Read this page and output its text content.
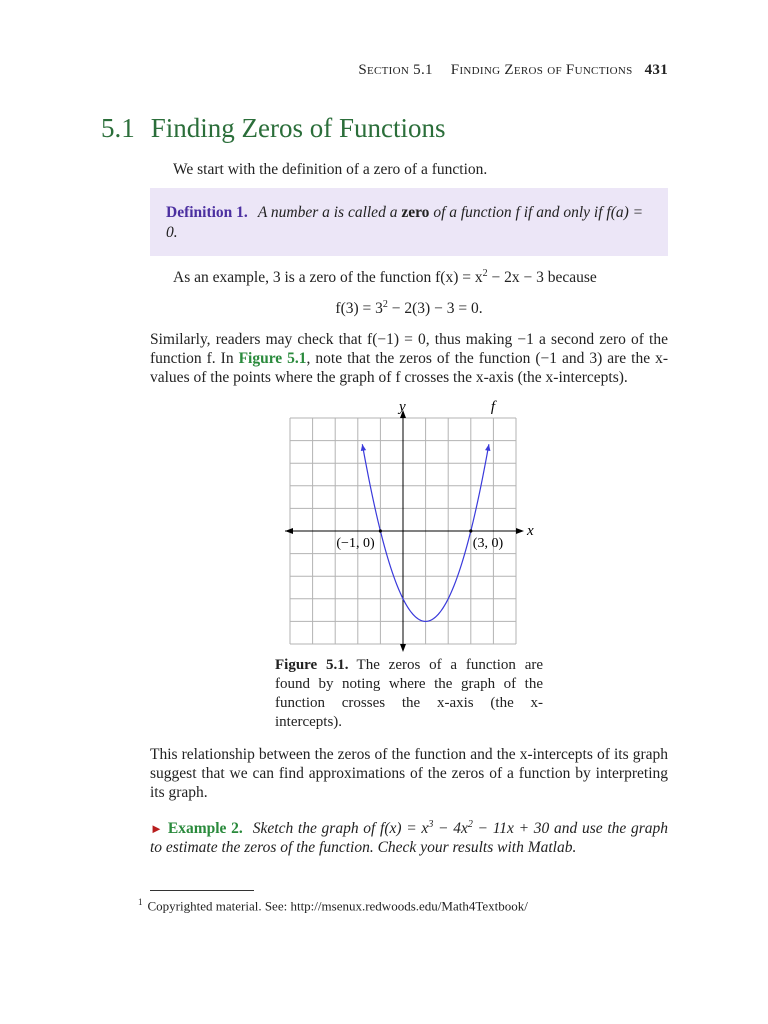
Section 5.1 Finding Zeros of Functions 431
5.1 Finding Zeros of Functions
We start with the definition of a zero of a function.
Definition 1. A number a is called a zero of a function f if and only if f(a) = 0.
As an example, 3 is a zero of the function $f(x) = x^2 - 2x - 3$ because
$f(3) = 3^2 - 2(3) - 3 = 0$.
Similarly, readers may check that f(−1) = 0, thus making −1 a second zero of the function f. In Figure 5.1, note that the zeros of the function (−1 and 3) are the x-values of the points where the graph of f crosses the x-axis (the x-intercepts).
y
x
f
(−1, 0)	(3, 0)
Figure 5.1. The zeros of a function are found by noting where the graph of the function crosses the x-axis (the x-intercepts).
This relationship between the zeros of the function and the x-intercepts of its graph suggest that we can find approximations of the zeros of a function by interpreting its graph.
► Example 2. Sketch the graph of $f(x) = x^3 - 4x^2 - 11x + 30$ and use the graph to estimate the zeros of the function. Check your results with Matlab.
$^1$ Copyrighted material. See: http://msenux.redwoods.edu/Math4Textbook/
